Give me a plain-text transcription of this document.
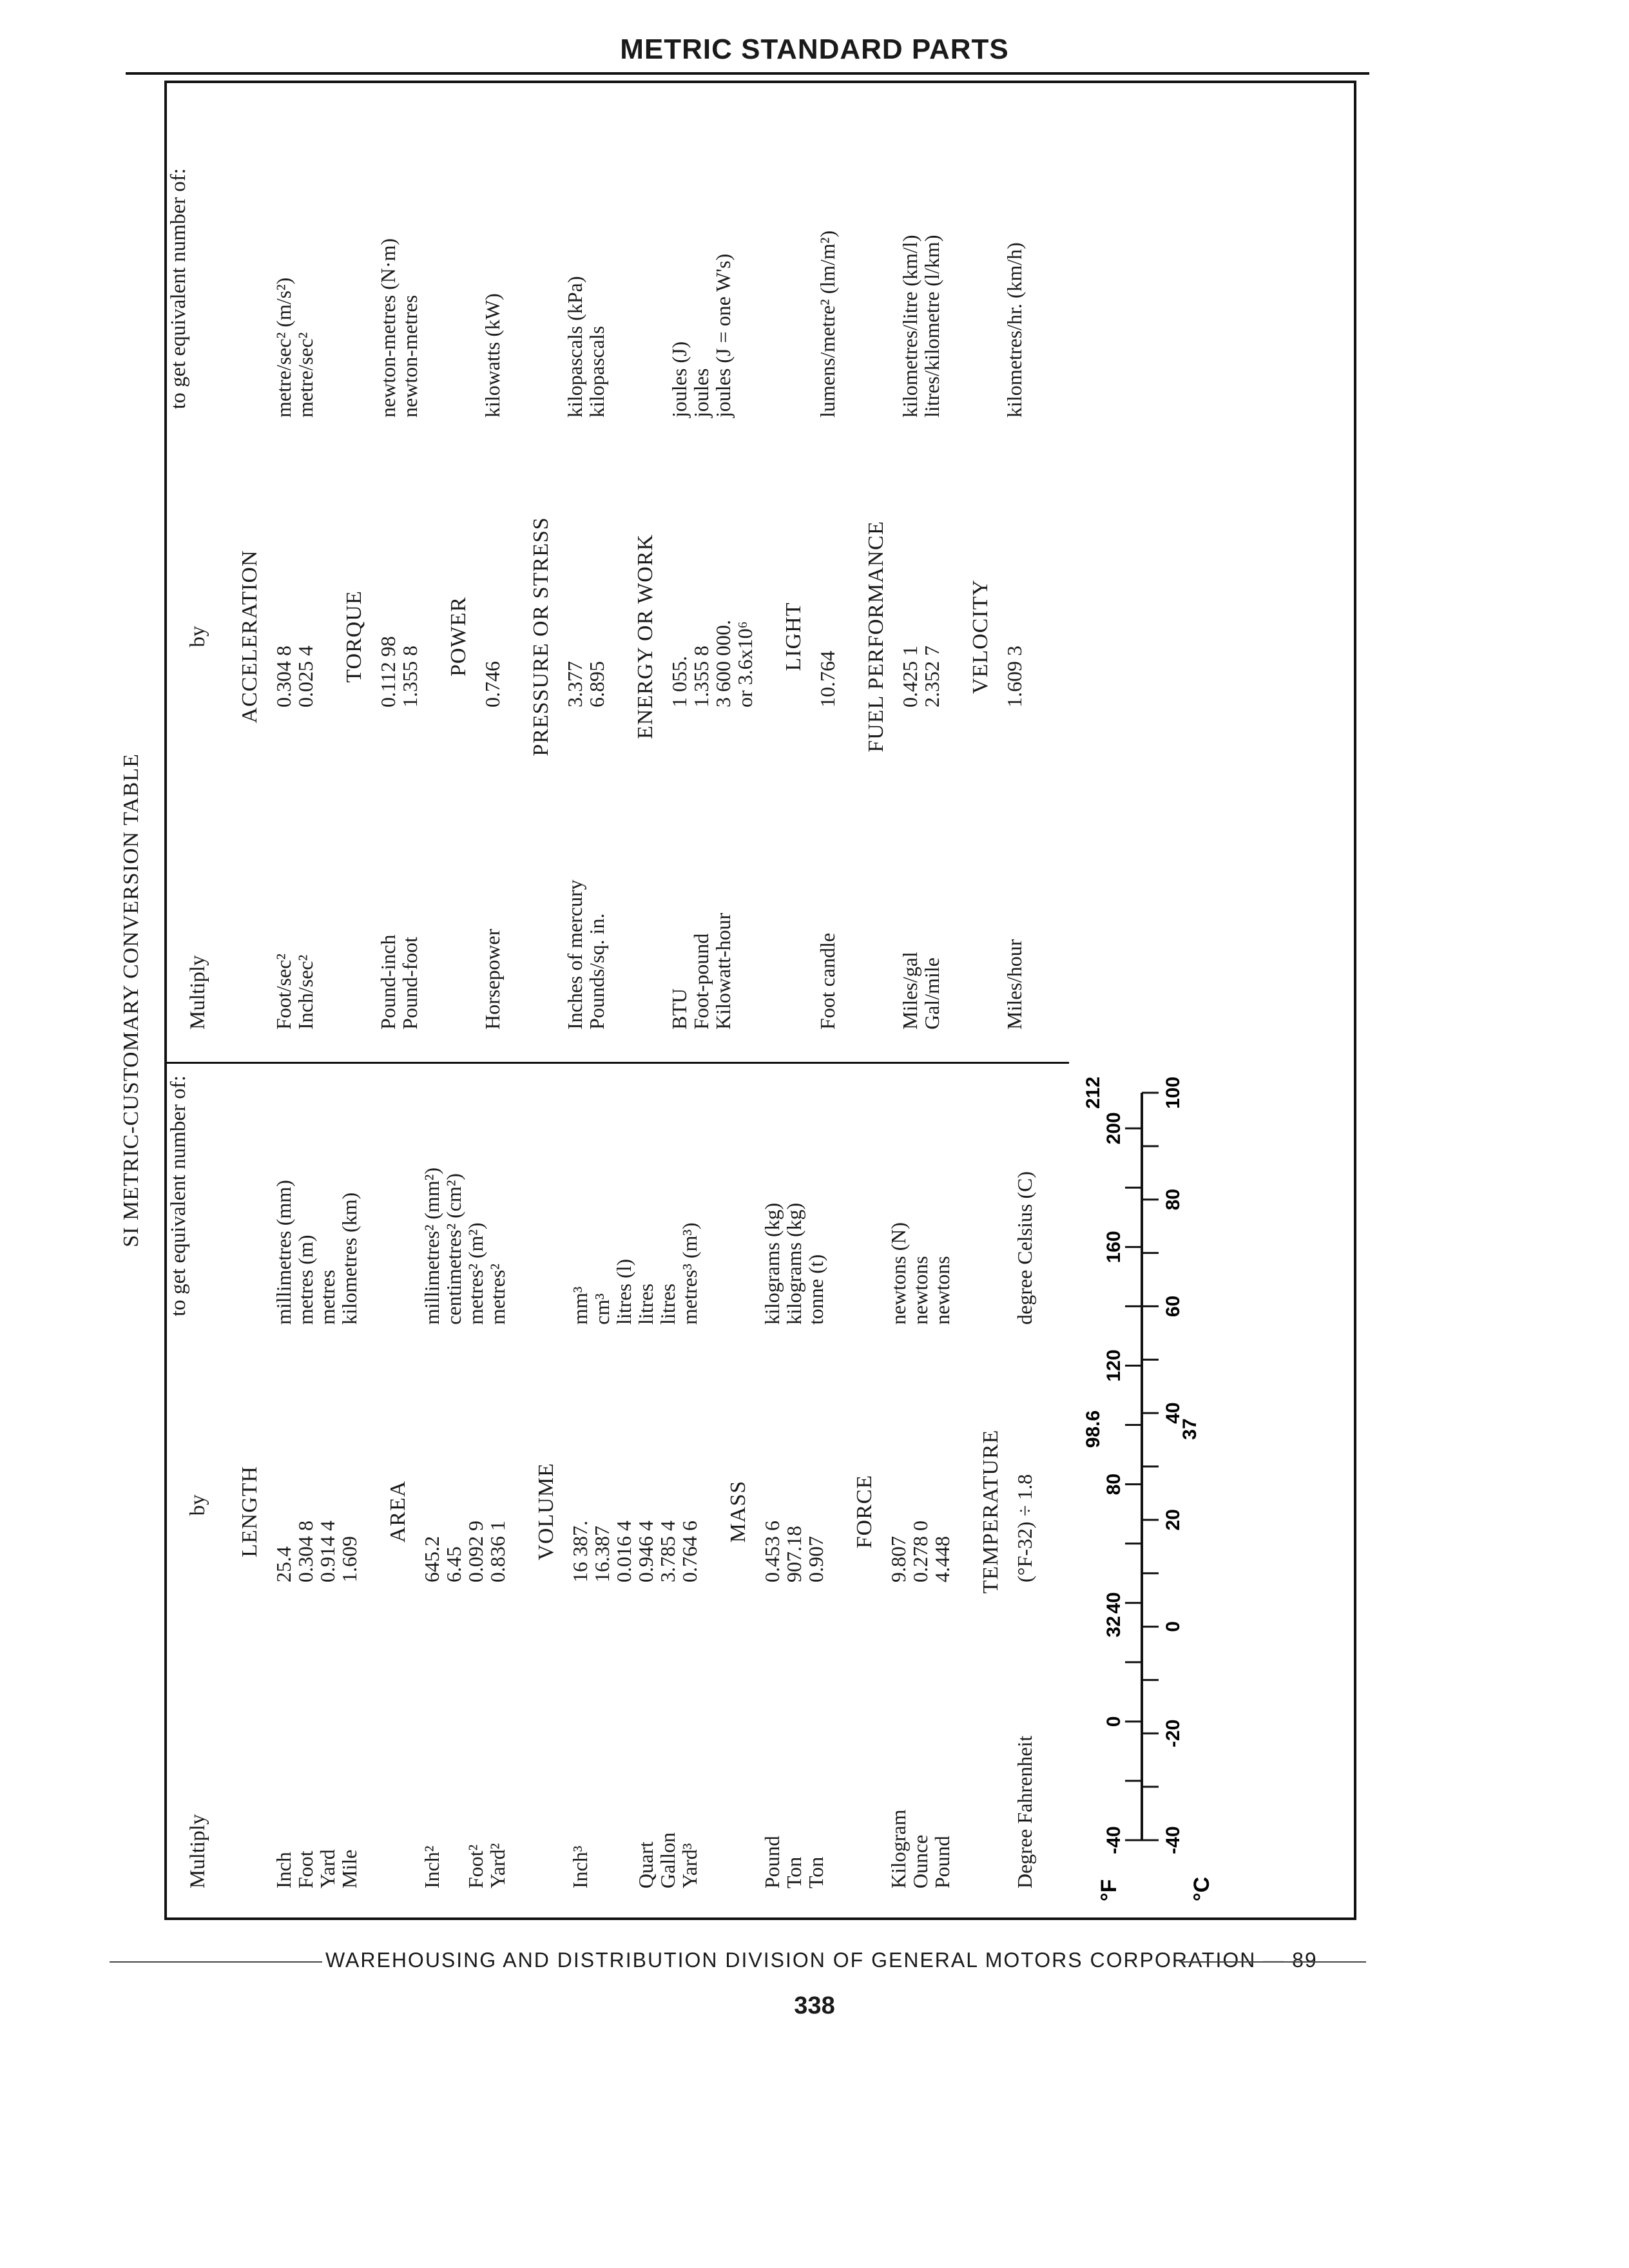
METRIC STANDARD PARTS
SI METRIC-CUSTOMARY CONVERSION TABLE
Multiply
by
to get equivalent number of:
LENGTH
Inch
25.4
millimetres (mm)
Foot
0.304 8
metres (m)
Yard
0.914 4
metres
Mile
1.609
kilometres (km)
AREA
Inch²
645.2
millimetres² (mm²)
6.45
centimetres² (cm²)
Foot²
0.092 9
metres² (m²)
Yard²
0.836 1
metres²
VOLUME
Inch³
16 387.
mm³
16.387
cm³
0.016 4
litres (l)
Quart
0.946 4
litres
Gallon
3.785 4
litres
Yard³
0.764 6
metres³ (m³)
MASS
Pound
0.453 6
kilograms (kg)
Ton
907.18
kilograms (kg)
Ton
0.907
tonne (t)
FORCE
Kilogram
9.807
newtons (N)
Ounce
0.278 0
newtons
Pound
4.448
newtons
TEMPERATURE
Degree Fahrenheit
(°F-32) ÷ 1.8
degree Celsius (C)
Multiply
by
to get equivalent number of:
ACCELERATION
Foot/sec²
0.304 8
metre/sec² (m/s²)
Inch/sec²
0.025 4
metre/sec²
TORQUE
Pound-inch
0.112 98
newton-metres (N·m)
Pound-foot
1.355 8
newton-metres
POWER
Horsepower
0.746
kilowatts (kW)
PRESSURE OR STRESS
Inches of mercury
3.377
kilopascals (kPa)
Pounds/sq. in.
6.895
kilopascals
ENERGY OR WORK
BTU
1 055.
joules (J)
Foot-pound
1.355 8
joules
Kilowatt-hour
3 600 000.
joules (J = one W's)
or 3.6x10⁶ LIGHT
Foot candle
10.764
lumens/metre² (lm/m²)
FUEL PERFORMANCE
Miles/gal
0.425 1
kilometres/litre (km/l)
Gal/mile
2.352 7
litres/kilometre (l/km)
VELOCITY
Miles/hour
1.609 3
kilometres/hr. (km/h)
°F	°C
-40
0
32
40
80
98.6
120
160
200
212
-40
-20
0
20
37
40
60
80
100
WAREHOUSING AND DISTRIBUTION DIVISION OF GENERAL MOTORS CORPORATION — 89
338
